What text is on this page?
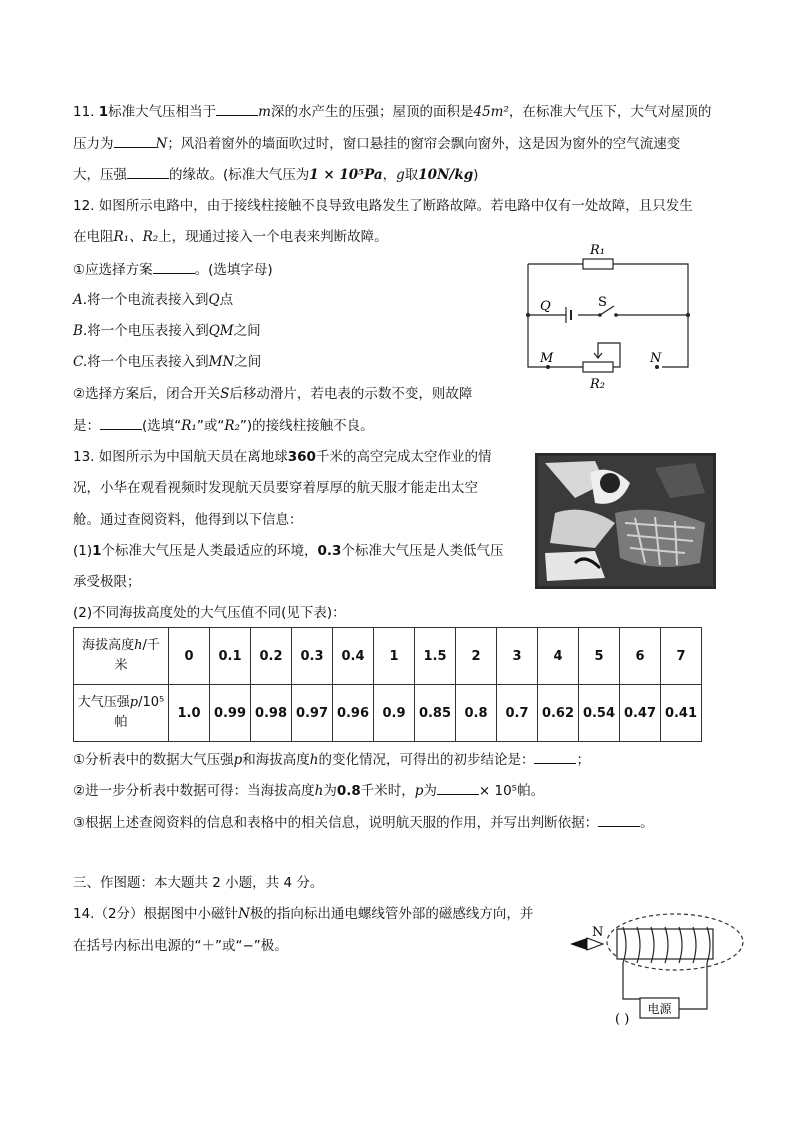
11. 1标准大气压相当于	m深的水产生的压强；屋顶的面积是45m²，在标准大气压下，大气对屋顶的
压力为	N；风沿着窗外的墙面吹过时，窗口悬挂的窗帘会飘向窗外，这是因为窗外的空气流速变
大，压强	的缘故。(标准大气压为1 × 10⁵Pa，g取10N/kg)
12. 如图所示电路中，由于接线柱接触不良导致电路发生了断路故障。若电路中仅有一处故障，且只发生
在电阻R₁、R₂上，现通过接入一个电表来判断故障。
①应选择方案	。(选填字母)
A.将一个电流表接入到Q点
B.将一个电压表接入到QM之间
C.将一个电压表接入到MN之间
②选择方案后，闭合开关S后移动滑片，若电表的示数不变，则故障
是：	(选填“R₁”或“R₂”)的接线柱接触不良。
R₁
Q	S
M	N
R₂
13. 如图所示为中国航天员在离地球360千米的高空完成太空作业的情
况，小华在观看视频时发现航天员要穿着厚厚的航天服才能走出太空
舱。通过查阅资料，他得到以下信息：
(1)1个标准大气压是人类最适应的环境，0.3个标准大气压是人类低气压
承受极限；
(2)不同海拔高度处的大气压值不同(见下表)：
海拔高度h/千
米	0	0.1	0.2	0.3	0.4	1	1.5	2	3	4	5	6	7
大气压强p/10⁵
帕	1.0	0.99	0.98	0.97	0.96	0.9	0.85	0.8	0.7	0.62	0.54	0.47	0.41
①分析表中的数据大气压强p和海拔高度h的变化情况，可得出的初步结论是：	；
②进一步分析表中数据可得：当海拔高度h为0.8千米时，p为	× 10⁵帕。
③根据上述查阅资料的信息和表格中的相关信息，说明航天服的作用，并写出判断依据：	。
三、作图题：本大题共 2 小题，共 4 分。
14.（2分）根据图中小磁针N极的指向标出通电螺线管外部的磁感线方向，并
在括号内标出电源的“＋”或“−”极。
N
电源
( )
